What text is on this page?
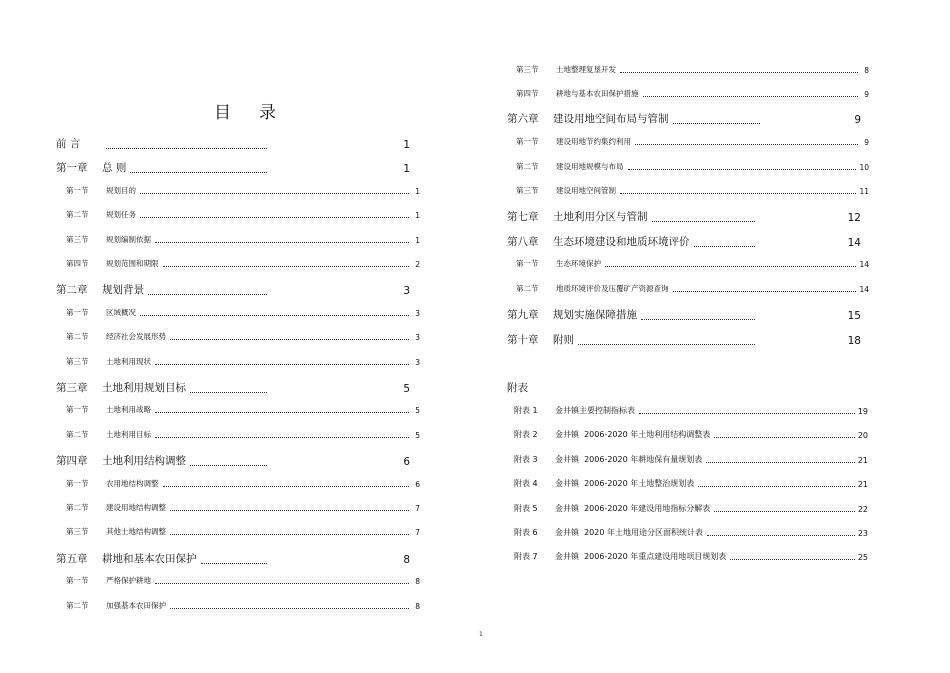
目录
前 言	1
第一章	总 则	1
第一节	规划目的	1
第二节	规划任务	1
第三节	规划编制依据	1
第四节	规划范围和期限	2
第二章	规划背景	3
第一节	区域概况	3
第二节	经济社会发展形势	3
第三节	土地利用现状	3
第三章	土地利用规划目标	5
第一节	土地利用战略	5
第二节	土地利用目标	5
第四章	土地利用结构调整	6
第一节	农用地结构调整	6
第二节	建设用地结构调整	7
第三节	其他土地结构调整	7
第五章	耕地和基本农田保护	8
第一节	严格保护耕地	8
第二节	加强基本农田保护	8
第三节	土地整理复垦开发	8
第四节	耕地与基本农田保护措施	9
第六章	建设用地空间布局与管制	9
第一节	建设用地节约集约利用	9
第二节	建设用地规模与布局	10
第三节	建设用地空间管制	11
第七章	土地利用分区与管制	12
第八章	生态环境建设和地质环境评价	14
第一节	生态环境保护	14
第二节	地质环境评价及压覆矿产资源查询	14
第九章	规划实施保障措施	15
第十章	附则	18
附表
附表 1	金井镇主要控制指标表	19
附表 2	金井镇  2006-2020 年土地利用结构调整表	20
附表 3	金井镇  2006-2020 年耕地保有量规划表	21
附表 4	金井镇  2006-2020 年土地整治规划表	21
附表 5	金井镇  2006-2020 年建设用地指标分解表	22
附表 6	金井镇  2020 年土地用途分区面积统计表	23
附表 7	金井镇  2006-2020 年重点建设用地项目规划表	25
1
